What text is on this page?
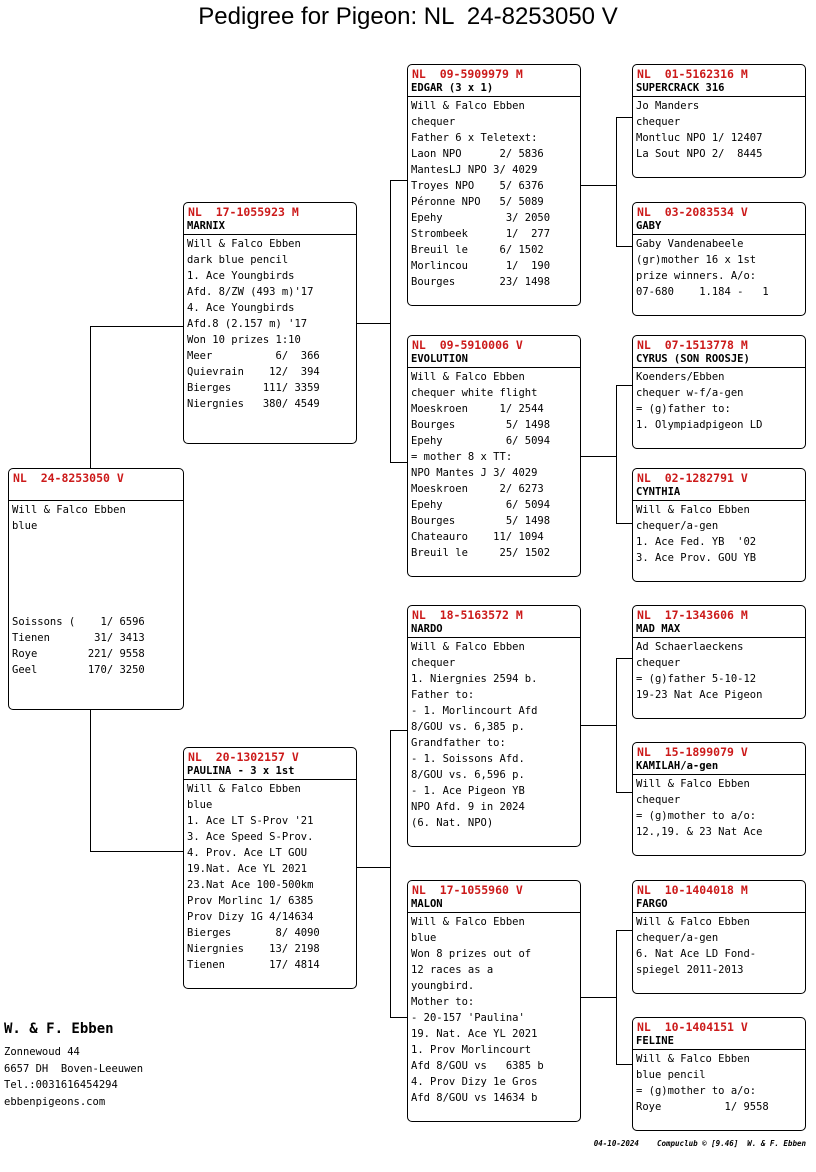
Pedigree for Pigeon: NL  24-8253050 V
NL  24-8253050 V
Will & Falco Ebben
blue
Soissons (    1/ 6596
Tienen       31/ 3413
Roye        221/ 9558
Geel        170/ 3250
NL  17-1055923 M
MARNIX
Will & Falco Ebben
dark blue pencil
1. Ace Youngbirds
Afd. 8/ZW (493 m)'17
4. Ace Youngbirds
Afd.8 (2.157 m) '17
Won 10 prizes 1:10
Meer          6/  366
Quievrain    12/  394
Bierges     111/ 3359
Niergnies   380/ 4549
NL  20-1302157 V
PAULINA - 3 x 1st
Will & Falco Ebben
blue
1. Ace LT S-Prov '21
3. Ace Speed S-Prov.
4. Prov. Ace LT GOU
19.Nat. Ace YL 2021
23.Nat Ace 100-500km
Prov Morlinc 1/ 6385
Prov Dizy 1G 4/14634
Bierges       8/ 4090
Niergnies    13/ 2198
Tienen       17/ 4814
NL  09-5909979 M
EDGAR (3 x 1)
Will & Falco Ebben
chequer
Father 6 x Teletext:
Laon NPO      2/ 5836
MantesLJ NPO 3/ 4029
Troyes NPO    5/ 6376
Péronne NPO   5/ 5089
Epehy          3/ 2050
Strombeek      1/  277
Breuil le     6/ 1502
Morlincou      1/  190
Bourges       23/ 1498
NL  09-5910006 V
EVOLUTION
Will & Falco Ebben
chequer white flight
Moeskroen     1/ 2544
Bourges        5/ 1498
Epehy          6/ 5094
= mother 8 x TT:
NPO Mantes J 3/ 4029
Moeskroen     2/ 6273
Epehy          6/ 5094
Bourges        5/ 1498
Chateauro    11/ 1094
Breuil le     25/ 1502
NL  18-5163572 M
NARDO
Will & Falco Ebben
chequer
1. Niergnies 2594 b.
Father to:
- 1. Morlincourt Afd
8/GOU vs. 6,385 p.
Grandfather to:
- 1. Soissons Afd.
8/GOU vs. 6,596 p.
- 1. Ace Pigeon YB
NPO Afd. 9 in 2024
(6. Nat. NPO)
NL  17-1055960 V
MALON
Will & Falco Ebben
blue
Won 8 prizes out of
12 races as a
youngbird.
Mother to:
- 20-157 'Paulina'
19. Nat. Ace YL 2021
1. Prov Morlincourt
Afd 8/GOU vs   6385 b
4. Prov Dizy 1e Gros
Afd 8/GOU vs 14634 b
NL  01-5162316 M
SUPERCRACK 316
Jo Manders
chequer
Montluc NPO 1/ 12407
La Sout NPO 2/  8445
NL  03-2083534 V
GABY
Gaby Vandenabeele
(gr)mother 16 x 1st
prize winners. A/o:
07-680    1.184 -   1
NL  07-1513778 M
CYRUS (SON ROOSJE)
Koenders/Ebben
chequer w-f/a-gen
= (g)father to:
1. Olympiadpigeon LD
NL  02-1282791 V
CYNTHIA
Will & Falco Ebben
chequer/a-gen
1. Ace Fed. YB  '02
3. Ace Prov. GOU YB
NL  17-1343606 M
MAD MAX
Ad Schaerlaeckens
chequer
= (g)father 5-10-12
19-23 Nat Ace Pigeon
NL  15-1899079 V
KAMILAH/a-gen
Will & Falco Ebben
chequer
= (g)mother to a/o:
12.,19. & 23 Nat Ace
NL  10-1404018 M
FARGO
Will & Falco Ebben
chequer/a-gen
6. Nat Ace LD Fond-
spiegel 2011-2013
NL  10-1404151 V
FELINE
Will & Falco Ebben
blue pencil
= (g)mother to a/o:
Roye          1/ 9558
W. & F. Ebben
Zonnewoud 44
6657 DH  Boven-Leeuwen
Tel.:0031616454294
ebbenpigeons.com
04-10-2024 Compuclub © [9.46]  W. & F. Ebben
